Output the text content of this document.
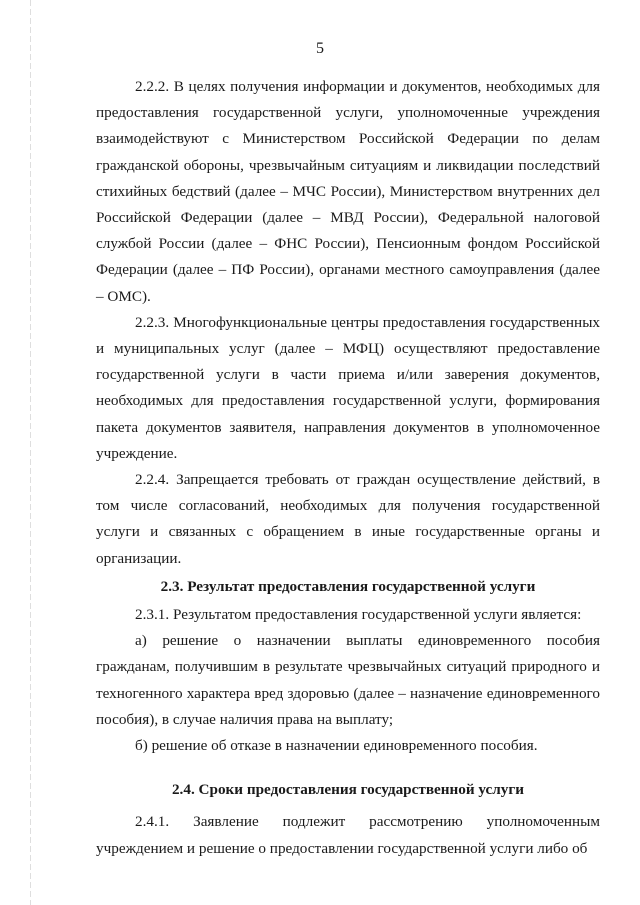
5

2.2.2. В целях получения информации и документов, необходимых для предоставления государственной услуги, уполномоченные учреждения взаимодействуют с Министерством Российской Федерации по делам гражданской обороны, чрезвычайным ситуациям и ликвидации последствий стихийных бедствий (далее – МЧС России), Министерством внутренних дел Российской Федерации (далее – МВД России), Федеральной налоговой службой России (далее – ФНС России), Пенсионным фондом Российской Федерации (далее – ПФ России), органами местного самоуправления (далее – ОМС).

2.2.3. Многофункциональные центры предоставления государственных и муниципальных услуг (далее – МФЦ) осуществляют предоставление государственной услуги в части приема и/или заверения документов, необходимых для предоставления государственной услуги, формирования пакета документов заявителя, направления документов в уполномоченное учреждение.

2.2.4. Запрещается требовать от граждан осуществление действий, в том числе согласований, необходимых для получения государственной услуги и связанных с обращением в иные государственные органы и организации.

2.3. Результат предоставления государственной услуги

2.3.1. Результатом предоставления государственной услуги является:

а) решение о назначении выплаты единовременного пособия гражданам, получившим в результате чрезвычайных ситуаций природного и техногенного характера вред здоровью (далее – назначение единовременного пособия), в случае наличия права на выплату;

б) решение об отказе в назначении единовременного пособия.

2.4. Сроки предоставления государственной услуги

2.4.1. Заявление подлежит рассмотрению уполномоченным учреждением и решение о предоставлении государственной услуги либо об
